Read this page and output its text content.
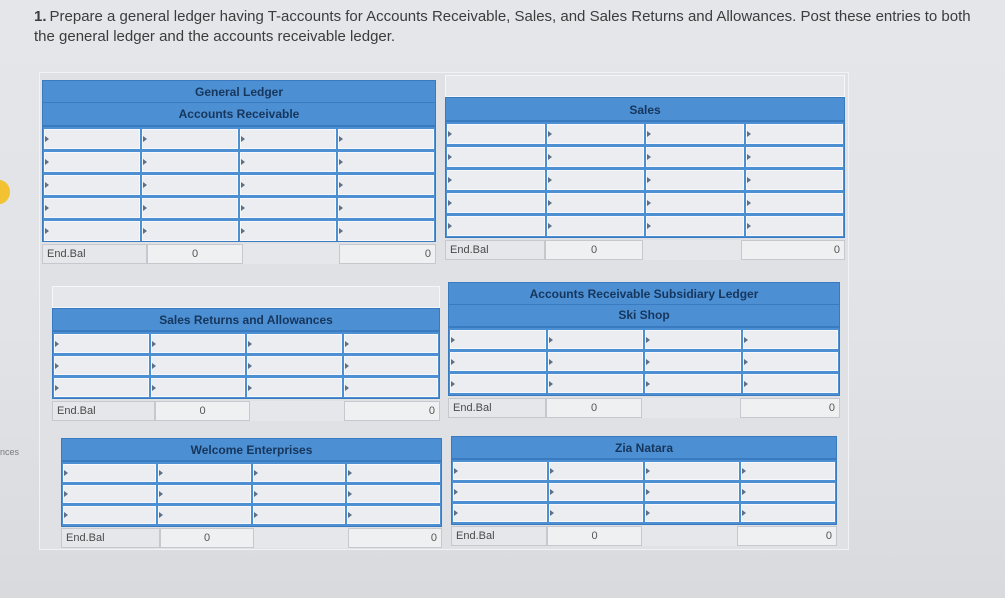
1. Prepare a general ledger having T-accounts for Accounts Receivable, Sales, and Sales Returns and Allowances. Post these entries to both the general ledger and the accounts receivable ledger.
nces
General Ledger
Accounts Receivable
End.Bal	0	0
Sales
End.Bal	0	0
Sales Returns and Allowances
End.Bal	0	0
Accounts Receivable Subsidiary Ledger
Ski Shop
End.Bal	0	0
Welcome Enterprises
End.Bal	0	0
Zia Natara
End.Bal	0	0
